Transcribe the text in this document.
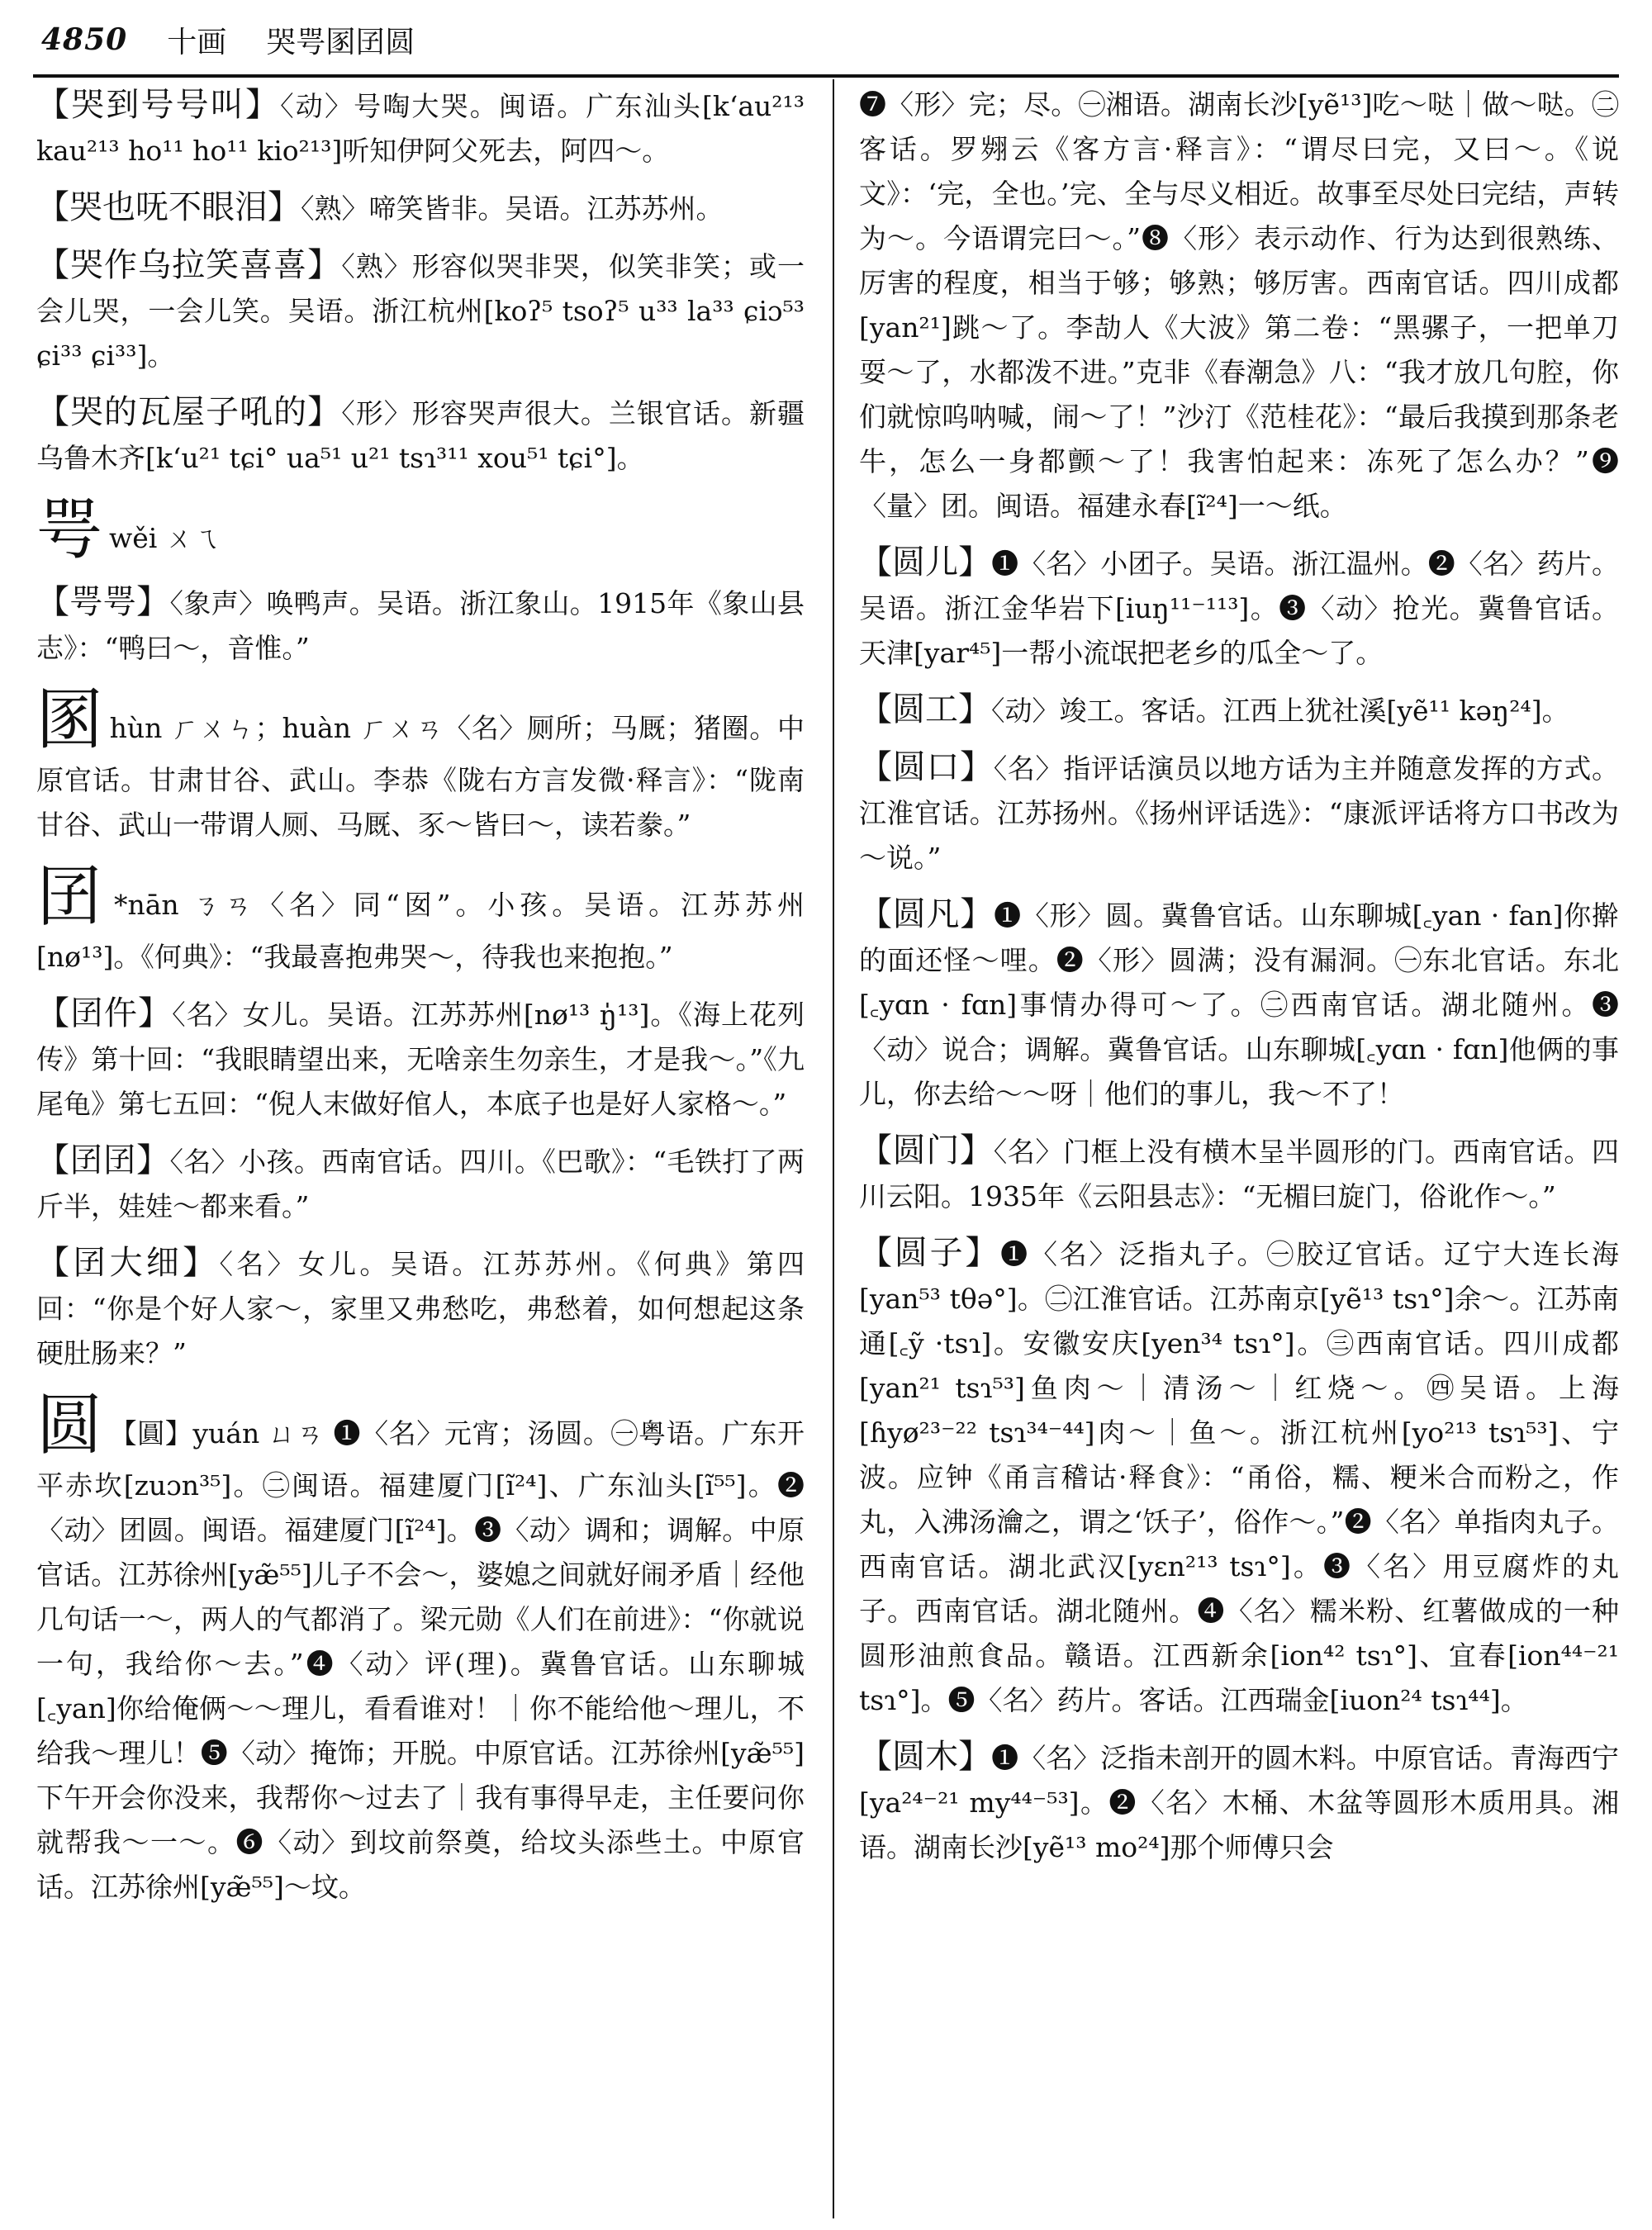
4850 十画 哭咢圂囝圆

【哭到号号叫】〈动〉号啕大哭。闽语。广东汕头[k‘au²¹³ kau²¹³ ho¹¹ ho¹¹ kio²¹³]听知伊阿父死去，阿四～。

【哭也呒不眼泪】〈熟〉啼笑皆非。吴语。江苏苏州。

【哭作乌拉笑喜喜】〈熟〉形容似哭非哭，似笑非笑；或一会儿哭，一会儿笑。吴语。浙江杭州[koʔ⁵ tsoʔ⁵ u³³ la³³ ɕiɔ⁵³ ɕi³³ ɕi³³]。

【哭的瓦屋子吼的】〈形〉形容哭声很大。兰银官话。新疆乌鲁木齐[k‘u²¹ tɕi° ua⁵¹ u²¹ tsɿ³¹¹ xou⁵¹ tɕi°]。

咢wěi ㄨㄟ

【咢咢】〈象声〉唤鸭声。吴语。浙江象山。1915年《象山县志》：“鸭曰～，音惟。”

圂hùn ㄏㄨㄣ；huàn ㄏㄨㄢ〈名〉厕所；马厩；猪圈。中原官话。甘肃甘谷、武山。李恭《陇右方言发微·释言》：“陇南甘谷、武山一带谓人厕、马厩、豕～皆曰～，读若豢。”

囝 *nān ㄋㄢ〈名〉同“囡”。小孩。吴语。江苏苏州[nø¹³]。《何典》：“我最喜抱弗哭～，待我也来抱抱。”

【囝仵】〈名〉女儿。吴语。江苏苏州[nø¹³ ŋ̍¹³]。《海上花列传》第十回：“我眼睛望出来，无啥亲生勿亲生，才是我～。”《九尾龟》第七五回：“倪人末做好倌人，本底子也是好人家格～。”

【囝囝】〈名〉小孩。西南官话。四川。《巴歌》：“毛铁打了两斤半，娃娃～都来看。”

【囝大细】〈名〉女儿。吴语。江苏苏州。《何典》第四回：“你是个好人家～，家里又弗愁吃，弗愁着，如何想起这条硬肚肠来？”

圆 【圓】yuán ㄩㄢ ❶〈名〉元宵；汤圆。㊀粤语。广东开平赤坎[zuɔn³⁵]。㊁闽语。福建厦门[ĩ²⁴]、广东汕头[ĩ⁵⁵]。❷〈动〉团圆。闽语。福建厦门[ĩ²⁴]。❸〈动〉调和；调解。中原官话。江苏徐州[yæ̃⁵⁵]儿子不会～，婆媳之间就好闹矛盾｜经他几句话一～，两人的气都消了。梁元勋《人们在前进》：“你就说一句，我给你～去。”❹〈动〉评(理)。冀鲁官话。山东聊城[꜀yan]你给俺俩～～理儿，看看谁对！｜你不能给他～理儿，不给我～理儿！❺〈动〉掩饰；开脱。中原官话。江苏徐州[yæ̃⁵⁵]下午开会你没来，我帮你～过去了｜我有事得早走，主任要问你就帮我～一～。❻〈动〉到坟前祭奠，给坟头添些土。中原官话。江苏徐州[yæ̃⁵⁵]～坟。

❼〈形〉完；尽。㊀湘语。湖南长沙[yẽ¹³]吃～哒｜做～哒。㊁客话。罗翙云《客方言·释言》：“谓尽曰完，又曰～。《说文》：‘完，全也。’完、全与尽义相近。故事至尽处曰完结，声转为～。今语谓完曰～。”❽〈形〉表示动作、行为达到很熟练、厉害的程度，相当于够；够熟；够厉害。西南官话。四川成都[yan²¹]跳～了。李劼人《大波》第二卷：“黑骡子，一把单刀耍～了，水都泼不进。”克非《春潮急》八：“我才放几句腔，你们就惊呜呐喊，闹～了！”沙汀《范桂花》：“最后我摸到那条老牛，怎么一身都颤～了！我害怕起来：冻死了怎么办？”❾〈量〉团。闽语。福建永春[ĩ²⁴]一～纸。

【圆儿】❶〈名〉小团子。吴语。浙江温州。❷〈名〉药片。吴语。浙江金华岩下[iuŋ¹¹⁻¹¹³]。❸〈动〉抢光。冀鲁官话。天津[yar⁴⁵]一帮小流氓把老乡的瓜全～了。

【圆工】〈动〉竣工。客话。江西上犹社溪[yẽ¹¹ kəŋ²⁴]。

【圆口】〈名〉指评话演员以地方话为主并随意发挥的方式。江淮官话。江苏扬州。《扬州评话选》：“康派评话将方口书改为～说。”

【圆凡】❶〈形〉圆。冀鲁官话。山东聊城[꜀yan · fan]你擀的面还怪～哩。❷〈形〉圆满；没有漏洞。㊀东北官话。东北[꜀yɑn · fɑn]事情办得可～了。㊁西南官话。湖北随州。❸〈动〉说合；调解。冀鲁官话。山东聊城[꜀yɑn · fɑn]他俩的事儿，你去给～～呀｜他们的事儿，我～不了！

【圆门】〈名〉门框上没有横木呈半圆形的门。西南官话。四川云阳。1935年《云阳县志》：“无楣曰旋门，俗讹作～。”

【圆子】❶〈名〉泛指丸子。㊀胶辽官话。辽宁大连长海[yan⁵³ tθə°]。㊁江淮官话。江苏南京[yẽ¹³ tsɿ°]余～。江苏南通[꜀ỹ ·tsɿ]。安徽安庆[yen³⁴ tsɿ°]。㊂西南官话。四川成都[yan²¹ tsɿ⁵³]鱼肉～｜清汤～｜红烧～。㊃吴语。上海[ɦyø²³⁻²² tsɿ³⁴⁻⁴⁴]肉～｜鱼～。浙江杭州[yo²¹³ tsɿ⁵³]、宁波。应钟《甬言稽诂·释食》：“甬俗，糯、粳米合而粉之，作丸，入沸汤瀹之，谓之‘饫子’，俗作～。”❷〈名〉单指肉丸子。西南官话。湖北武汉[yɛn²¹³ tsɿ°]。❸〈名〉用豆腐炸的丸子。西南官话。湖北随州。❹〈名〉糯米粉、红薯做成的一种圆形油煎食品。赣语。江西新余[ion⁴² tsɿ°]、宜春[ion⁴⁴⁻²¹ tsɿ°]。❺〈名〉药片。客话。江西瑞金[iuon²⁴ tsɿ⁴⁴]。

【圆木】❶〈名〉泛指未剖开的圆木料。中原官话。青海西宁[ya²⁴⁻²¹ my⁴⁴⁻⁵³]。❷〈名〉木桶、木盆等圆形木质用具。湘语。湖南长沙[yẽ¹³ mo²⁴]那个师傅只会
